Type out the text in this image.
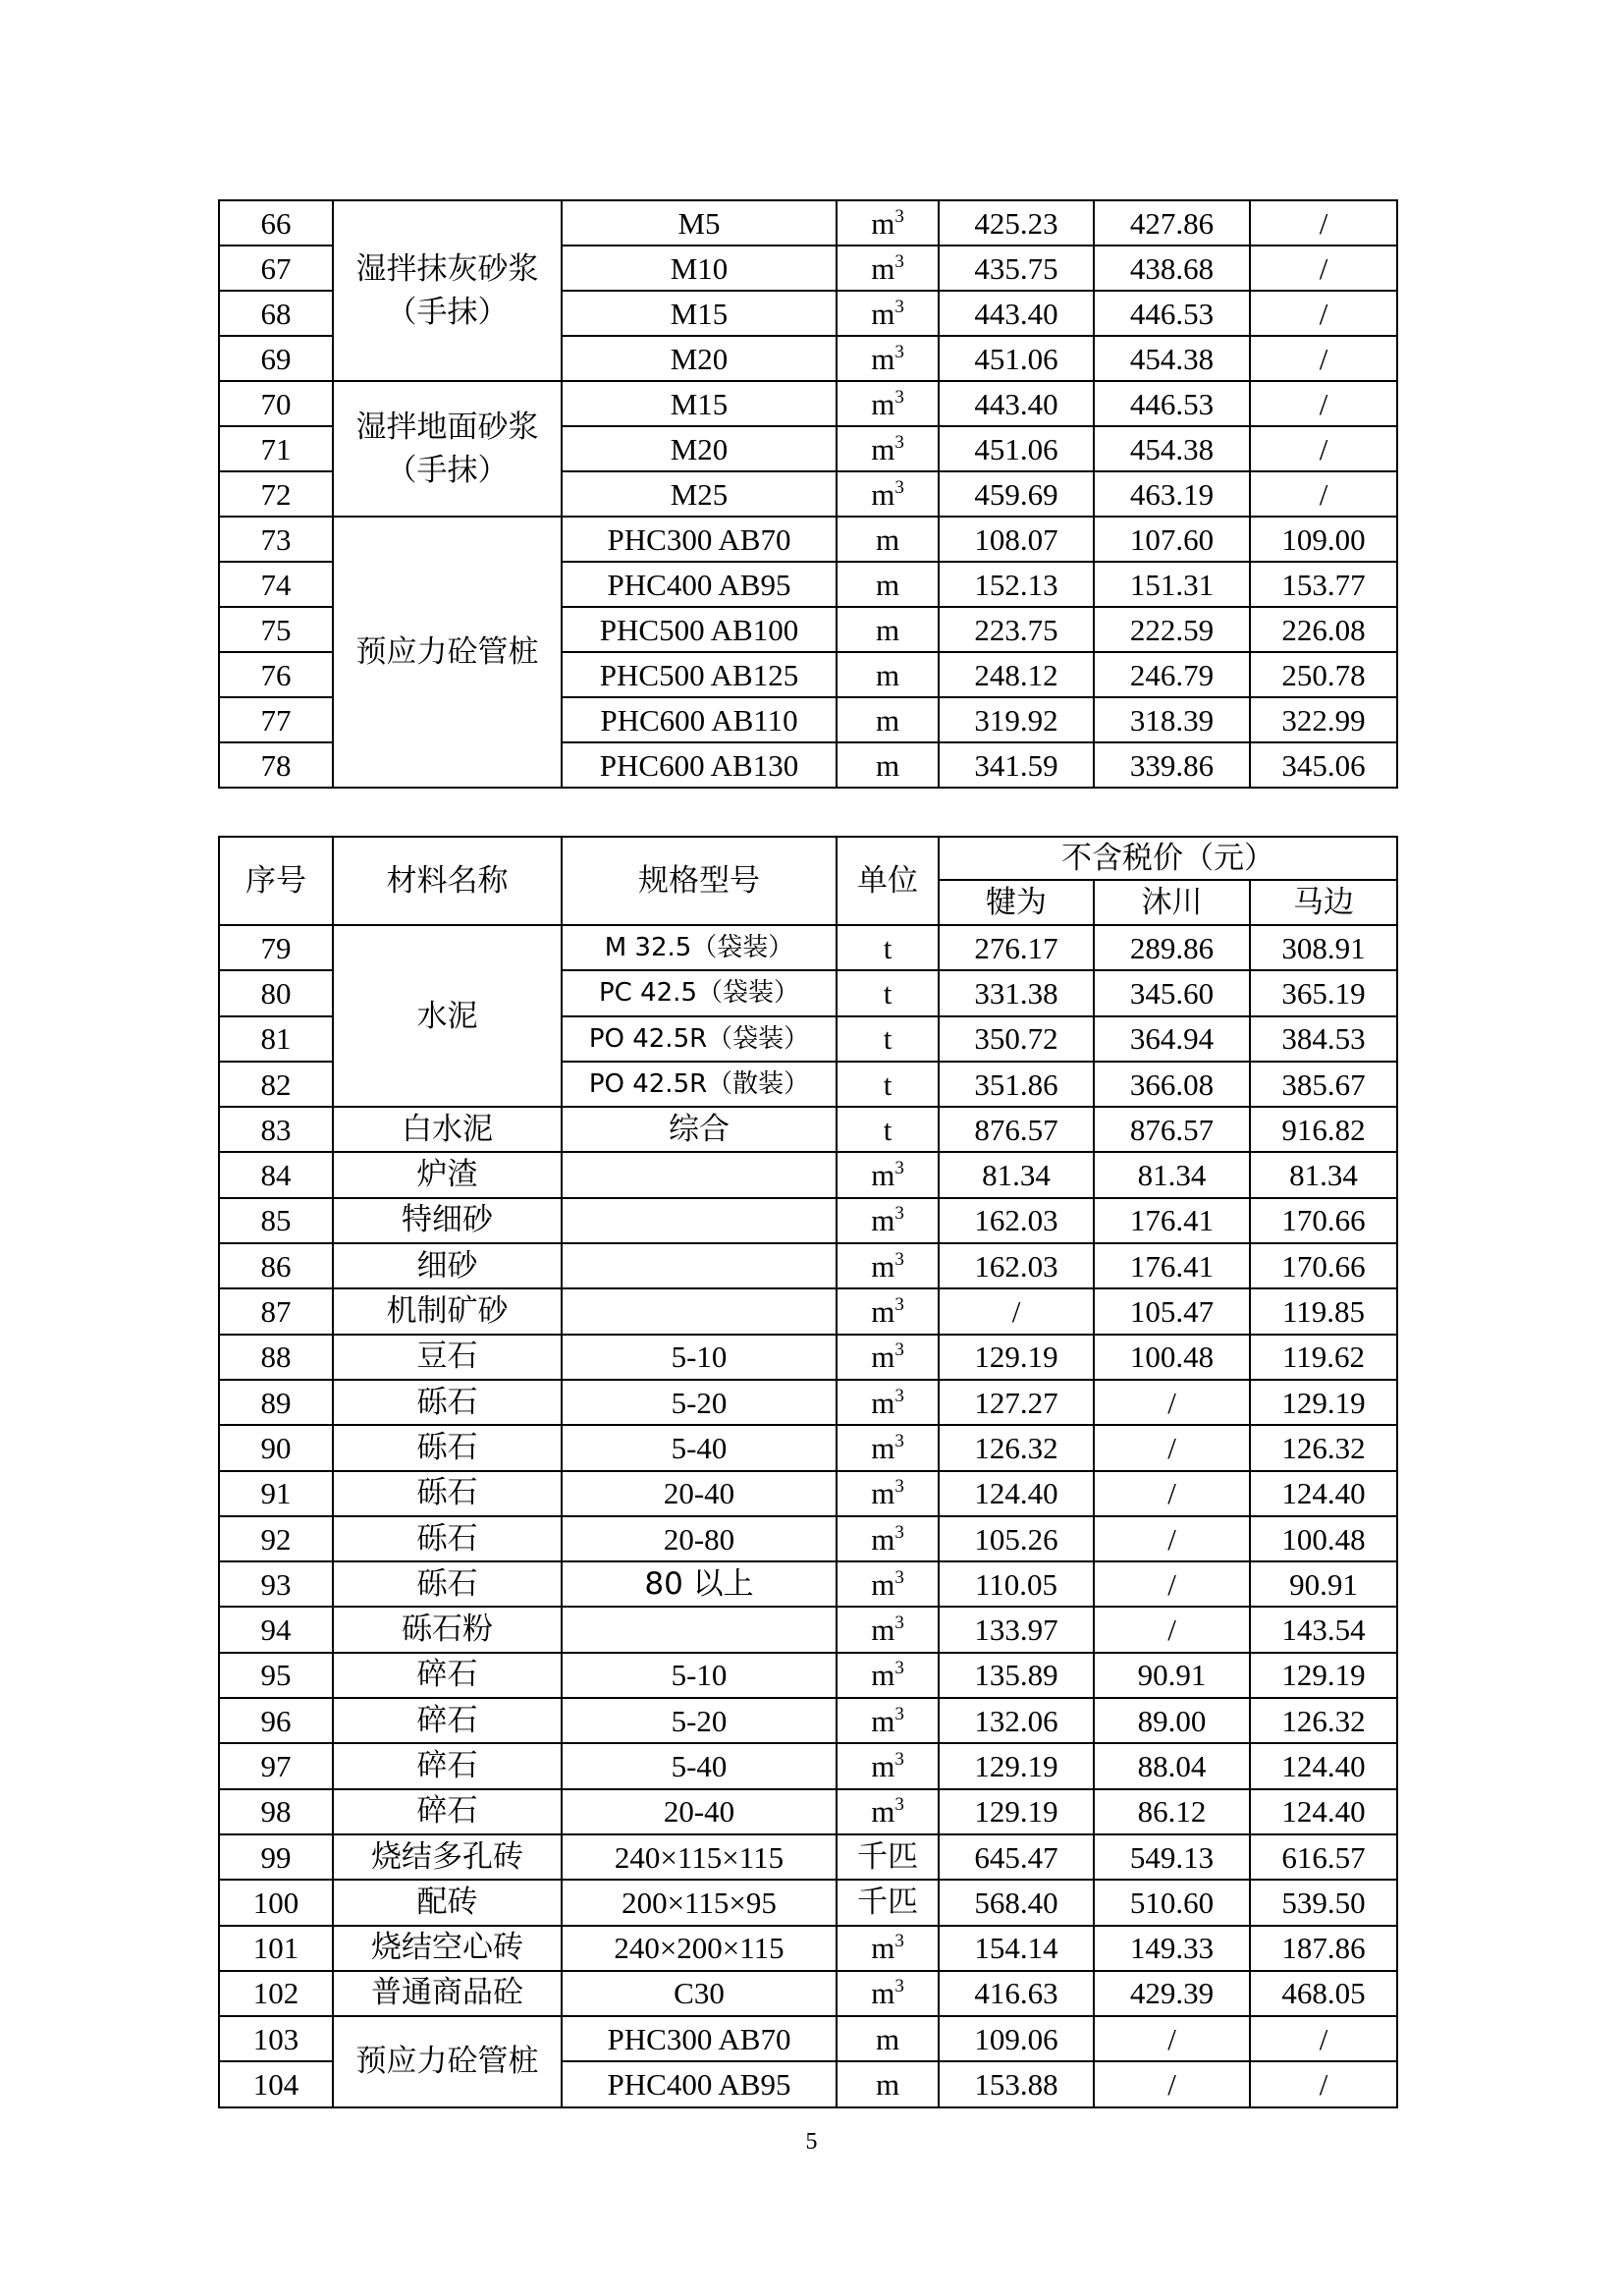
66	湿拌抹灰砂浆（手抹）	M5	$m^3$	425.23	427.86	/
67		M10	$m^3$	435.75	438.68	/
68		M15	$m^3$	443.40	446.53	/
69		M20	$m^3$	451.06	454.38	/
70	湿拌地面砂浆（手抹）	M15	$m^3$	443.40	446.53	/
71		M20	$m^3$	451.06	454.38	/
72		M25	$m^3$	459.69	463.19	/
73	预应力砼管桩	PHC300 AB70	m	108.07	107.60	109.00
74		PHC400 AB95	m	152.13	151.31	153.77
75		PHC500 AB100	m	223.75	222.59	226.08
76		PHC500 AB125	m	248.12	246.79	250.78
77		PHC600 AB110	m	319.92	318.39	322.99
78		PHC600 AB130	m	341.59	339.86	345.06
序号	材料名称	规格型号	单位	不含税价（元）		
				犍为	沐川	马边
79	水泥	M 32.5（袋装）	t	276.17	289.86	308.91
80		PC 42.5（袋装）	t	331.38	345.60	365.19
81		PO 42.5R（袋装）	t	350.72	364.94	384.53
82		PO 42.5R（散装）	t	351.86	366.08	385.67
83	白水泥	综合	t	876.57	876.57	916.82
84	炉渣		$m^3$	81.34	81.34	81.34
85	特细砂		$m^3$	162.03	176.41	170.66
86	细砂		$m^3$	162.03	176.41	170.66
87	机制矿砂		$m^3$	/	105.47	119.85
88	豆石	5-10	$m^3$	129.19	100.48	119.62
89	砾石	5-20	$m^3$	127.27	/	129.19
90	砾石	5-40	$m^3$	126.32	/	126.32
91	砾石	20-40	$m^3$	124.40	/	124.40
92	砾石	20-80	$m^3$	105.26	/	100.48
93	砾石	80 以上	$m^3$	110.05	/	90.91
94	砾石粉		$m^3$	133.97	/	143.54
95	碎石	5-10	$m^3$	135.89	90.91	129.19
96	碎石	5-20	$m^3$	132.06	89.00	126.32
97	碎石	5-40	$m^3$	129.19	88.04	124.40
98	碎石	20-40	$m^3$	129.19	86.12	124.40
99	烧结多孔砖	240×115×115	千匹	645.47	549.13	616.57
100	配砖	200×115×95	千匹	568.40	510.60	539.50
101	烧结空心砖	240×200×115	$m^3$	154.14	149.33	187.86
102	普通商品砼	C30	$m^3$	416.63	429.39	468.05
103	预应力砼管桩	PHC300 AB70	m	109.06	/	/
104		PHC400 AB95	m	153.88	/	/
5
